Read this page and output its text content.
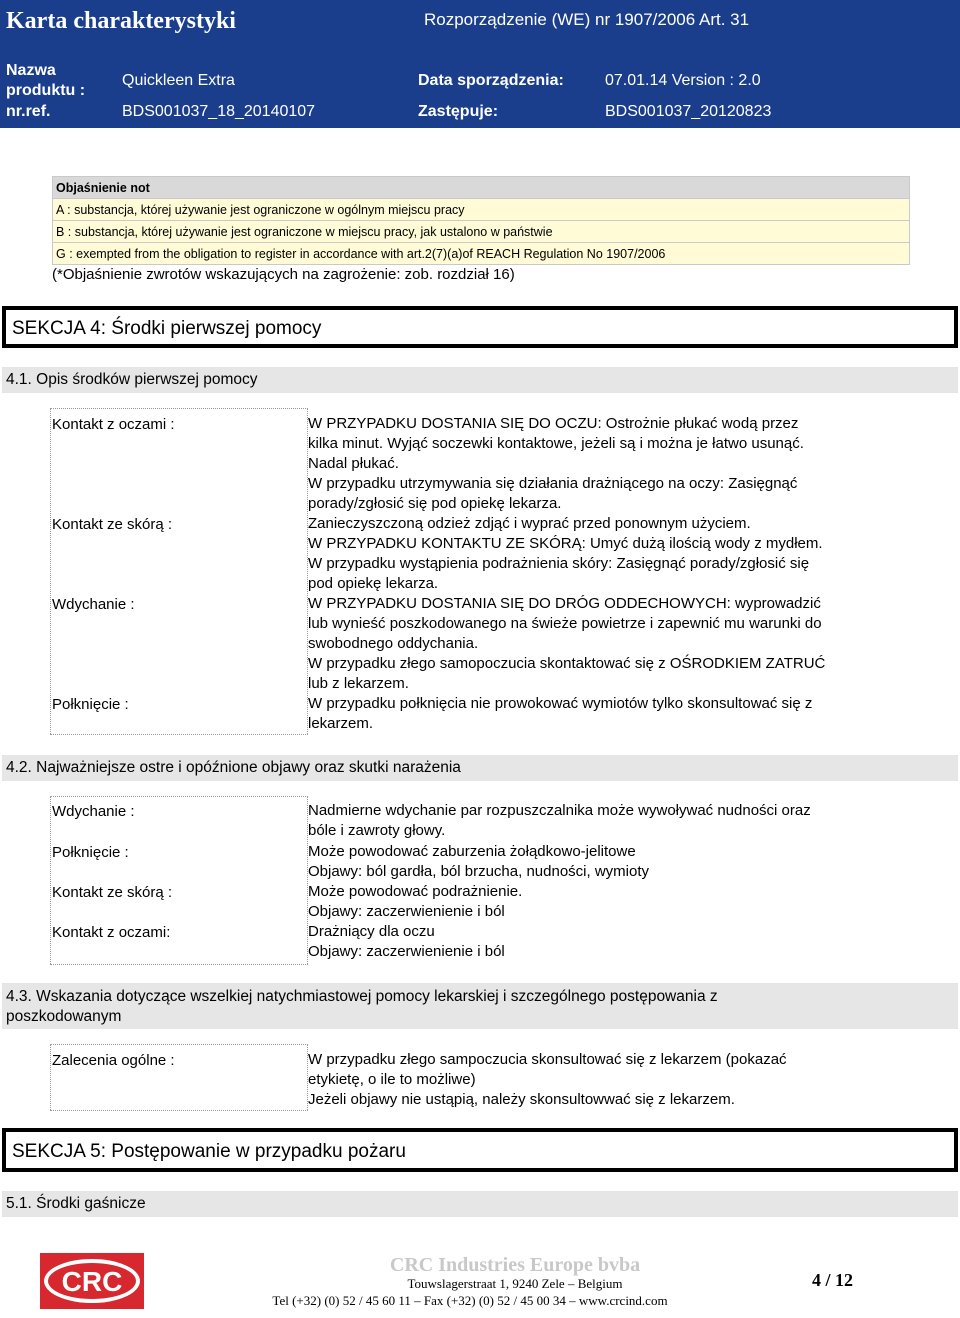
Karta charakterystyki	Rozporządzenie (WE) nr 1907/2006 Art. 31
Nazwa
produktu :
Quickleen Extra	Data sporządzenia:	07.01.14 Version : 2.0
nr.ref.	BDS001037_18_20140107	Zastępuje:	BDS001037_20120823
Objaśnienie not
A : substancja, której używanie jest ograniczone w ogólnym miejscu pracy
B : substancja, której używanie jest ograniczone w miejscu pracy, jak ustalono w państwie
G : exempted from the obligation to register in accordance with art.2(7)(a)of REACH Regulation No 1907/2006
(*Objaśnienie zwrotów wskazujących na zagrożenie: zob. rozdział 16)
SEKCJA 4: Środki pierwszej pomocy
4.1. Opis środków pierwszej pomocy
Kontakt z oczami :	W PRZYPADKU DOSTANIA SIĘ DO OCZU: Ostrożnie płukać wodą przez
kilka minut. Wyjąć soczewki kontaktowe, jeżeli są i można je łatwo usunąć.
Nadal płukać.
W przypadku utrzymywania się działania drażniącego na oczy: Zasięgnąć
porady/zgłosić się pod opiekę lekarza.
Kontakt ze skórą :	Zanieczyszczoną odzież zdjąć i wyprać przed ponownym użyciem.
W PRZYPADKU KONTAKTU ZE SKÓRĄ: Umyć dużą ilością wody z mydłem.
W przypadku wystąpienia podrażnienia skóry: Zasięgnąć porady/zgłosić się
pod opiekę lekarza.
Wdychanie :	W PRZYPADKU DOSTANIA SIĘ DO DRÓG ODDECHOWYCH: wyprowadzić
lub wynieść poszkodowanego na świeże powietrze i zapewnić mu warunki do
swobodnego oddychania.
W przypadku złego samopoczucia skontaktować się z OŚRODKIEM ZATRUĆ
lub z lekarzem.
Połknięcie :	W przypadku połknięcia nie prowokować wymiotów tylko skonsultować się z
lekarzem.
4.2. Najważniejsze ostre i opóźnione objawy oraz skutki narażenia
Wdychanie :	Nadmierne wdychanie par rozpuszczalnika może wywoływać nudności oraz
bóle i zawroty głowy.
Połknięcie :	Może powodować zaburzenia żołądkowo-jelitowe
Objawy: ból gardła, ból brzucha, nudności, wymioty
Kontakt ze skórą :	Może powodować podrażnienie.
Objawy: zaczerwienienie i ból
Kontakt z oczami:	Drażniący dla oczu
Objawy: zaczerwienienie i ból
4.3. Wskazania dotyczące wszelkiej natychmiastowej pomocy lekarskiej i szczególnego postępowania z
poszkodowanym
Zalecenia ogólne :	W przypadku złego sampoczucia skonsultować się z lekarzem (pokazać
etykietę, o ile to możliwe)
Jeżeli objawy nie ustąpią, należy skonsultowwać się z lekarzem.
SEKCJA 5: Postępowanie w przypadku pożaru
5.1. Środki gaśnicze
CRC
CRC Industries Europe bvba
Touwslagerstraat 1, 9240 Zele – Belgium
Tel (+32) (0) 52 / 45 60 11 – Fax (+32) (0) 52 / 45 00 34 – www.crcind.com
4 / 12
